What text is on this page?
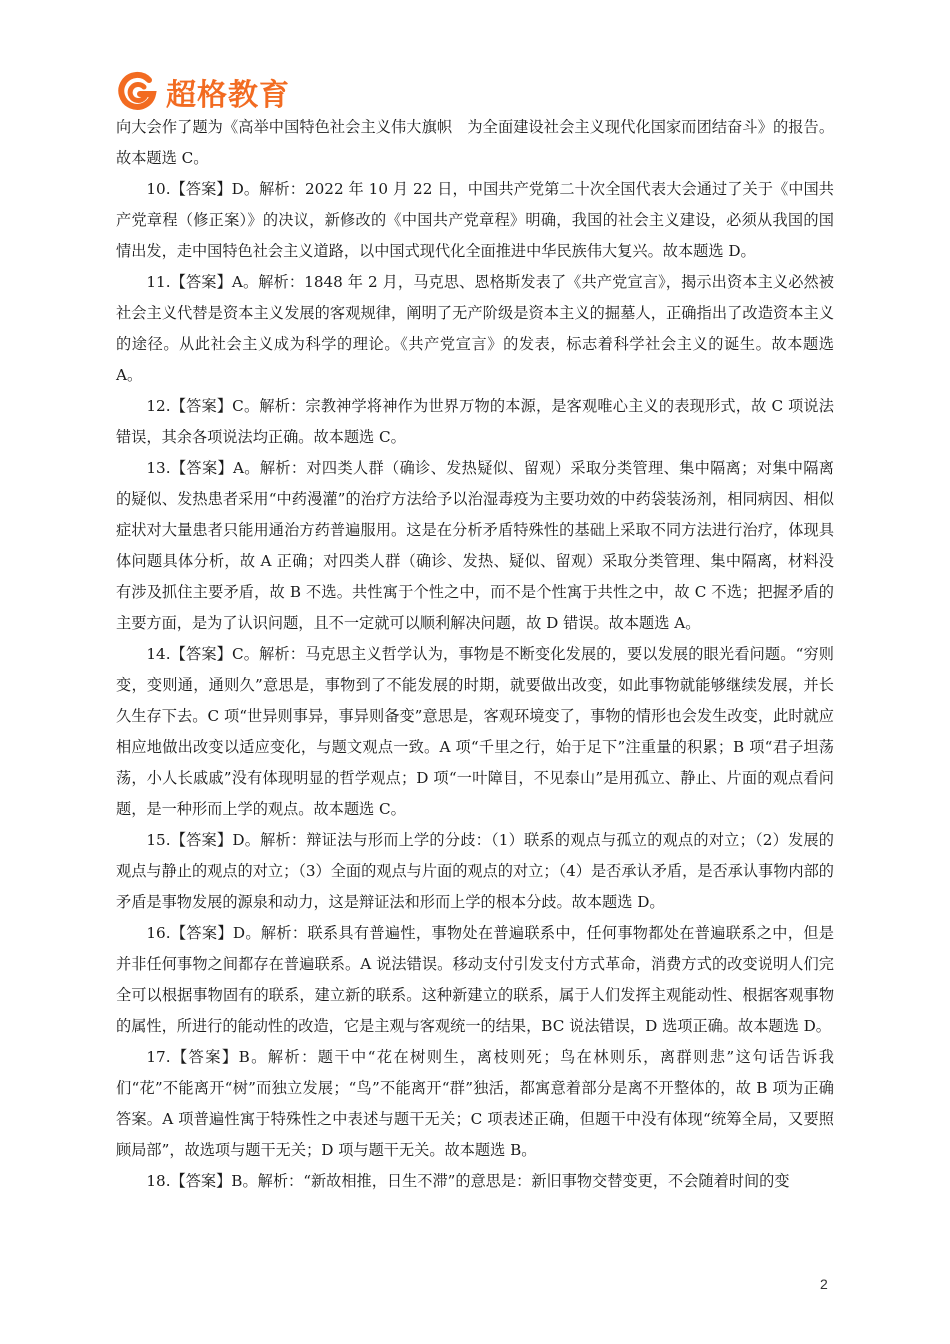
超格教育

向大会作了题为《高举中国特色社会主义伟大旗帜　为全面建设社会主义现代化国家而团结奋斗》的报告。故本题选 C。

10.【答案】D。解析：2022 年 10 月 22 日，中国共产党第二十次全国代表大会通过了关于《中国共产党章程（修正案）》的决议，新修改的《中国共产党章程》明确，我国的社会主义建设，必须从我国的国情出发，走中国特色社会主义道路，以中国式现代化全面推进中华民族伟大复兴。故本题选 D。

11.【答案】A。解析：1848 年 2 月，马克思、恩格斯发表了《共产党宣言》，揭示出资本主义必然被社会主义代替是资本主义发展的客观规律，阐明了无产阶级是资本主义的掘墓人，正确指出了改造资本主义的途径。从此社会主义成为科学的理论。《共产党宣言》的发表，标志着科学社会主义的诞生。故本题选 A。

12.【答案】C。解析：宗教神学将神作为世界万物的本源，是客观唯心主义的表现形式，故 C 项说法错误，其余各项说法均正确。故本题选 C。

13.【答案】A。解析：对四类人群（确诊、发热疑似、留观）采取分类管理、集中隔离；对集中隔离的疑似、发热患者采用“中药漫灌”的治疗方法给予以治湿毒疫为主要功效的中药袋装汤剂，相同病因、相似症状对大量患者只能用通治方药普遍服用。这是在分析矛盾特殊性的基础上采取不同方法进行治疗，体现具体问题具体分析，故 A 正确；对四类人群（确诊、发热、疑似、留观）采取分类管理、集中隔离，材料没有涉及抓住主要矛盾，故 B 不选。共性寓于个性之中，而不是个性寓于共性之中，故 C 不选；把握矛盾的主要方面，是为了认识问题，且不一定就可以顺利解决问题，故 D 错误。故本题选 A。

14.【答案】C。解析：马克思主义哲学认为，事物是不断变化发展的，要以发展的眼光看问题。“穷则变，变则通，通则久”意思是，事物到了不能发展的时期，就要做出改变，如此事物就能够继续发展，并长久生存下去。C 项“世异则事异，事异则备变”意思是，客观环境变了，事物的情形也会发生改变，此时就应相应地做出改变以适应变化，与题文观点一致。A 项“千里之行，始于足下”注重量的积累；B 项“君子坦荡荡，小人长戚戚”没有体现明显的哲学观点；D 项“一叶障目，不见泰山”是用孤立、静止、片面的观点看问题，是一种形而上学的观点。故本题选 C。

15.【答案】D。解析：辩证法与形而上学的分歧：（1）联系的观点与孤立的观点的对立；（2）发展的观点与静止的观点的对立；（3）全面的观点与片面的观点的对立；（4）是否承认矛盾，是否承认事物内部的矛盾是事物发展的源泉和动力，这是辩证法和形而上学的根本分歧。故本题选 D。

16.【答案】D。解析：联系具有普遍性，事物处在普遍联系中，任何事物都处在普遍联系之中，但是并非任何事物之间都存在普遍联系。A 说法错误。移动支付引发支付方式革命，消费方式的改变说明人们完全可以根据事物固有的联系，建立新的联系。这种新建立的联系，属于人们发挥主观能动性、根据客观事物的属性，所进行的能动性的改造，它是主观与客观统一的结果，BC 说法错误，D 选项正确。故本题选 D。

17.【答案】B。解析：题干中“花在树则生，离枝则死；鸟在林则乐，离群则悲”这句话告诉我们“花”不能离开“树”而独立发展；“鸟”不能离开“群”独活，都寓意着部分是离不开整体的，故 B 项为正确答案。A 项普遍性寓于特殊性之中表述与题干无关；C 项表述正确，但题干中没有体现“统筹全局，又要照顾局部”，故选项与题干无关；D 项与题干无关。故本题选 B。

18.【答案】B。解析：“新故相推，日生不滞”的意思是：新旧事物交替变更，不会随着时间的变

2
